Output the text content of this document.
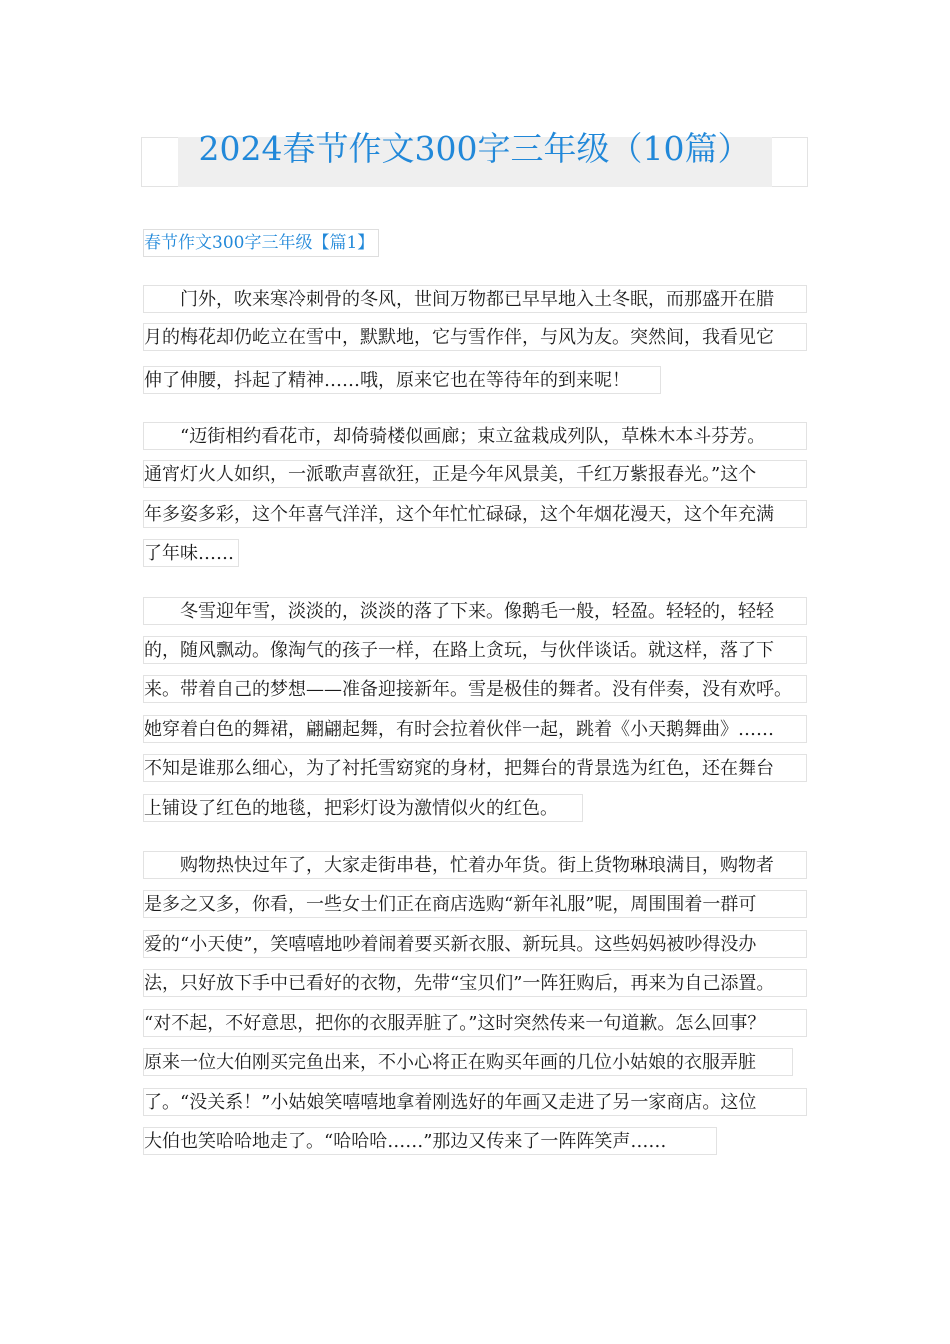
2024春节作文300字三年级（10篇）
春节作文300字三年级【篇1】
门外，吹来寒冷刺骨的冬风，世间万物都已早早地入土冬眠，而那盛开在腊
月的梅花却仍屹立在雪中，默默地，它与雪作伴，与风为友。突然间，我看见它
伸了伸腰，抖起了精神……哦，原来它也在等待年的到来呢！
“迈街相约看花市，却倚骑楼似画廊；束立盆栽成列队，草株木本斗芬芳。
通宵灯火人如织，一派歌声喜欲狂，正是今年风景美，千红万紫报春光。”这个
年多姿多彩，这个年喜气洋洋，这个年忙忙碌碌，这个年烟花漫天，这个年充满
了年味……
冬雪迎年雪，淡淡的，淡淡的落了下来。像鹅毛一般，轻盈。轻轻的，轻轻
的，随风飘动。像淘气的孩子一样，在路上贪玩，与伙伴谈话。就这样，落了下
来。带着自己的梦想——准备迎接新年。雪是极佳的舞者。没有伴奏，没有欢呼。
她穿着白色的舞裙，翩翩起舞，有时会拉着伙伴一起，跳着《小天鹅舞曲》……
不知是谁那么细心，为了衬托雪窈窕的身材，把舞台的背景选为红色，还在舞台
上铺设了红色的地毯，把彩灯设为激情似火的红色。
购物热快过年了，大家走街串巷，忙着办年货。街上货物琳琅满目，购物者
是多之又多，你看，一些女士们正在商店选购“新年礼服”呢，周围围着一群可
爱的“小天使”，笑嘻嘻地吵着闹着要买新衣服、新玩具。这些妈妈被吵得没办
法，只好放下手中已看好的衣物，先带“宝贝们”一阵狂购后，再来为自己添置。
“对不起，不好意思，把你的衣服弄脏了。”这时突然传来一句道歉。怎么回事？
原来一位大伯刚买完鱼出来，不小心将正在购买年画的几位小姑娘的衣服弄脏
了。“没关系！”小姑娘笑嘻嘻地拿着刚选好的年画又走进了另一家商店。这位
大伯也笑哈哈地走了。“哈哈哈……”那边又传来了一阵阵笑声……
